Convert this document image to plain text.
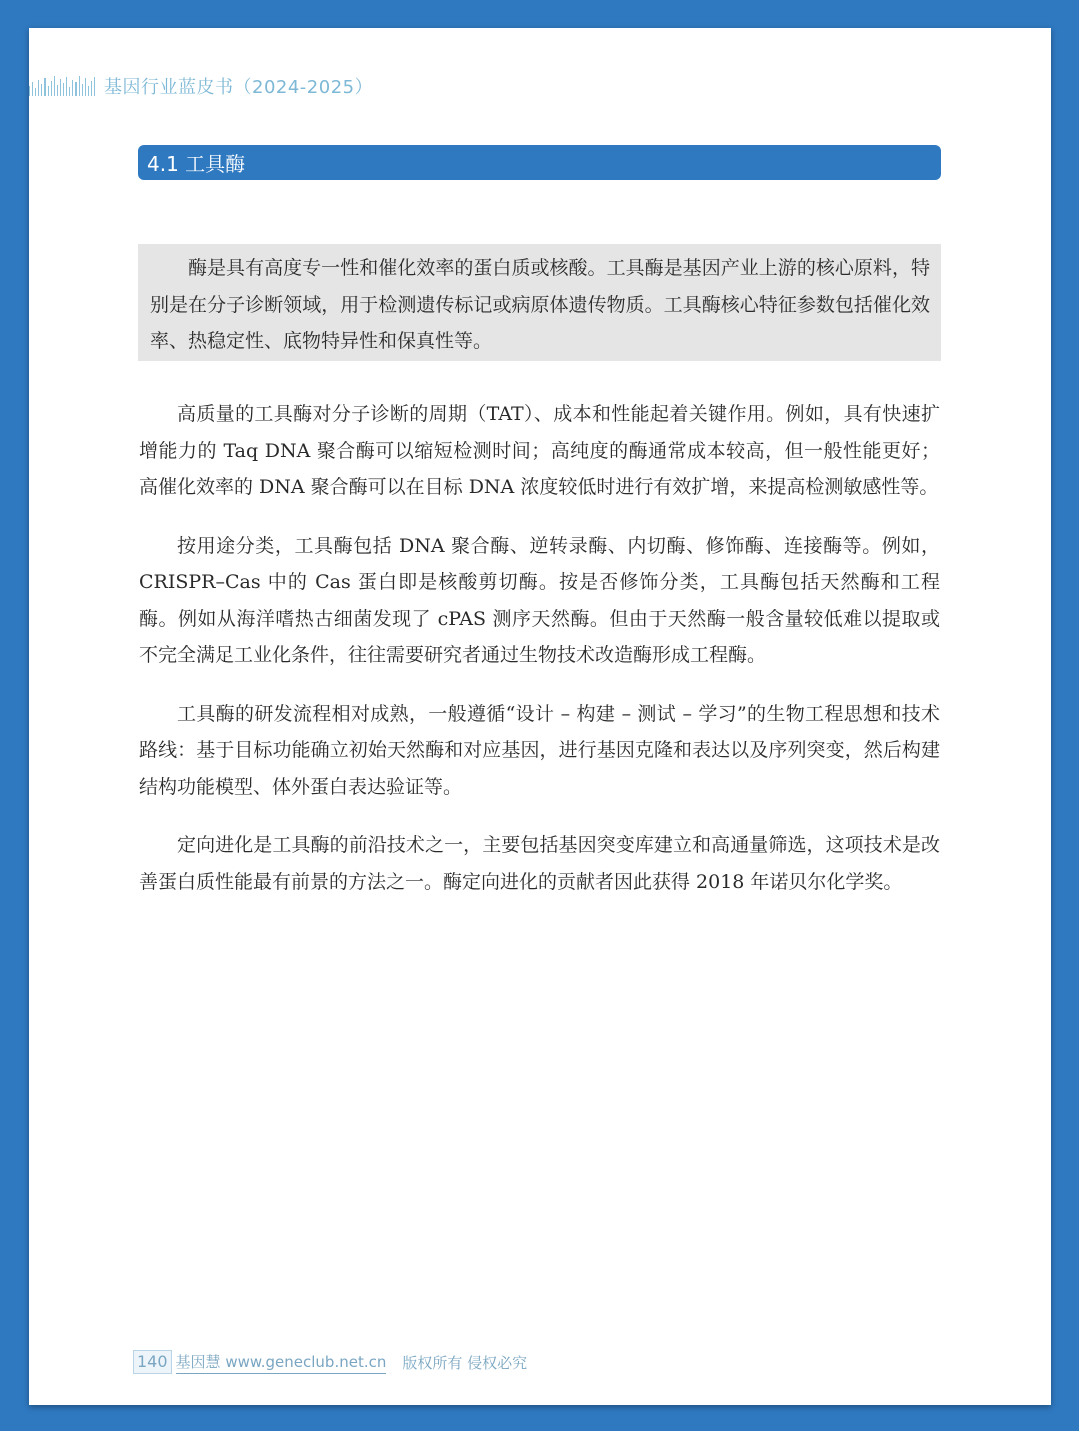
基因行业蓝皮书（2024-2025）
4.1 工具酶

酶是具有高度专一性和催化效率的蛋白质或核酸。工具酶是基因产业上游的核心原料，特别是在分子诊断领域，用于检测遗传标记或病原体遗传物质。工具酶核心特征参数包括催化效率、热稳定性、底物特异性和保真性等。

高质量的工具酶对分子诊断的周期（TAT）、成本和性能起着关键作用。例如，具有快速扩增能力的 Taq DNA 聚合酶可以缩短检测时间；高纯度的酶通常成本较高，但一般性能更好；高催化效率的 DNA 聚合酶可以在目标 DNA 浓度较低时进行有效扩增，来提高检测敏感性等。

按用途分类，工具酶包括 DNA 聚合酶、逆转录酶、内切酶、修饰酶、连接酶等。例如，CRISPR–Cas 中的 Cas 蛋白即是核酸剪切酶。按是否修饰分类，工具酶包括天然酶和工程酶。例如从海洋嗜热古细菌发现了 cPAS 测序天然酶。但由于天然酶一般含量较低难以提取或不完全满足工业化条件，往往需要研究者通过生物技术改造酶形成工程酶。

工具酶的研发流程相对成熟，一般遵循“设计 – 构建 – 测试 – 学习”的生物工程思想和技术路线：基于目标功能确立初始天然酶和对应基因，进行基因克隆和表达以及序列突变，然后构建结构功能模型、体外蛋白表达验证等。

定向进化是工具酶的前沿技术之一，主要包括基因突变库建立和高通量筛选，这项技术是改善蛋白质性能最有前景的方法之一。酶定向进化的贡献者因此获得 2018 年诺贝尔化学奖。

140 基因慧 www.geneclub.net.cn 版权所有 侵权必究
